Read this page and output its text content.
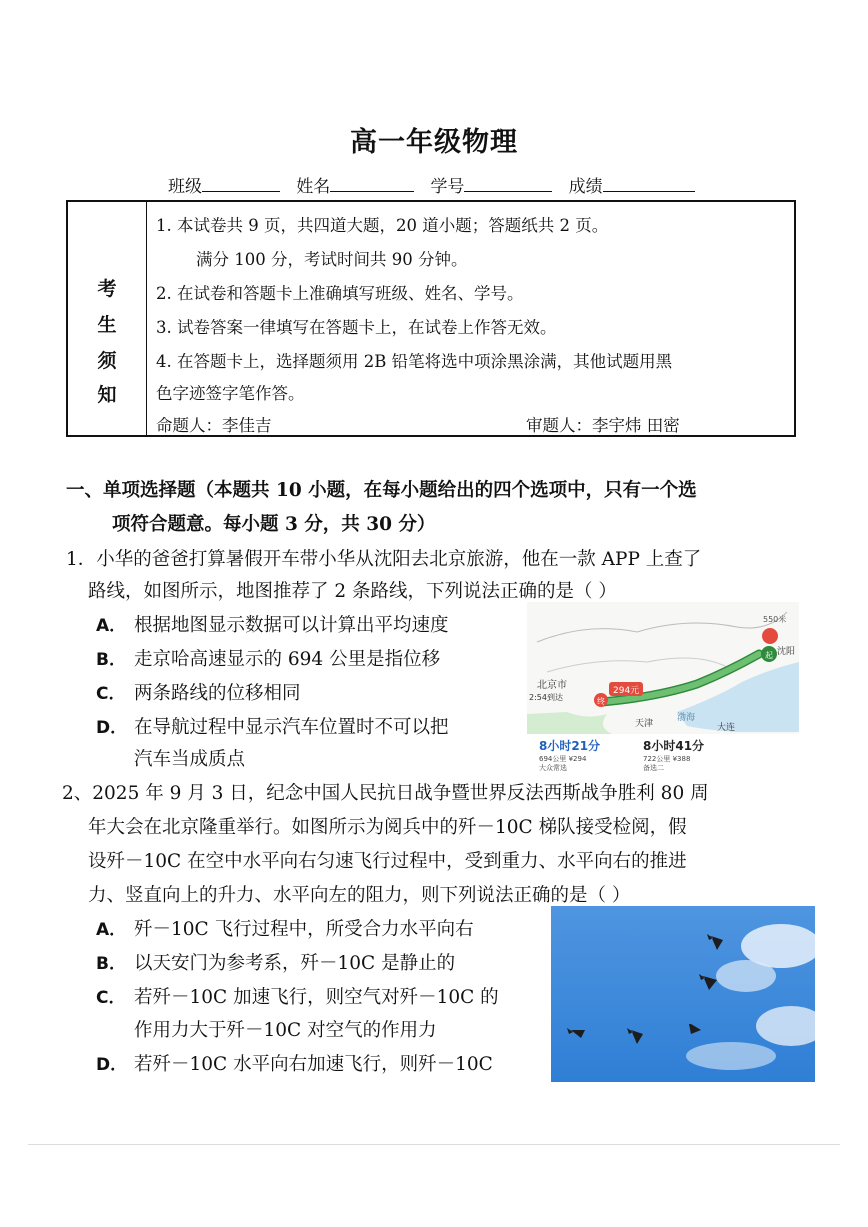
高一年级物理
班级	姓名	学号	成绩
考
生
须
知
1. 本试卷共 9 页，共四道大题，20 道小题；答题纸共 2 页。
满分 100 分，考试时间共 90 分钟。
2. 在试卷和答题卡上准确填写班级、姓名、学号。
3. 试卷答案一律填写在答题卡上，在试卷上作答无效。
4. 在答题卡上，选择题须用 2B 铅笔将选中项涂黑涂满，其他试题用黑
色字迹签字笔作答。
命题人：李佳吉	审题人：李宇炜 田密
一、单项选择题（本题共 10 小题，在每小题给出的四个选项中，只有一个选
项符合题意。每小题 3 分，共 30 分）
1．小华的爸爸打算暑假开车带小华从沈阳去北京旅游，他在一款 APP 上查了
路线，如图所示，地图推荐了 2 条路线，下列说法正确的是（ ）
A． 根据地图显示数据可以计算出平均速度
B． 走京哈高速显示的 694 公里是指位移
C． 两条路线的位移相同
D． 在导航过程中显示汽车位置时不可以把
汽车当成质点
终
起
294元
550米
北京市
2:54到达
沈阳
天津	大连
渤海
8小时21分
694公里 ¥294
大众常选
8小时41分
722公里 ¥388
备选二
2、2025 年 9 月 3 日，纪念中国人民抗日战争暨世界反法西斯战争胜利 80 周
年大会在北京隆重举行。如图所示为阅兵中的歼－10C 梯队接受检阅，假
设歼－10C 在空中水平向右匀速飞行过程中，受到重力、水平向右的推进
力、竖直向上的升力、水平向左的阻力，则下列说法正确的是（ ）
A． 歼－10C 飞行过程中，所受合力水平向右
B． 以天安门为参考系，歼－10C 是静止的
C． 若歼－10C 加速飞行，则空气对歼－10C 的
作用力大于歼－10C 对空气的作用力
D． 若歼－10C 水平向右加速飞行，则歼－10C
